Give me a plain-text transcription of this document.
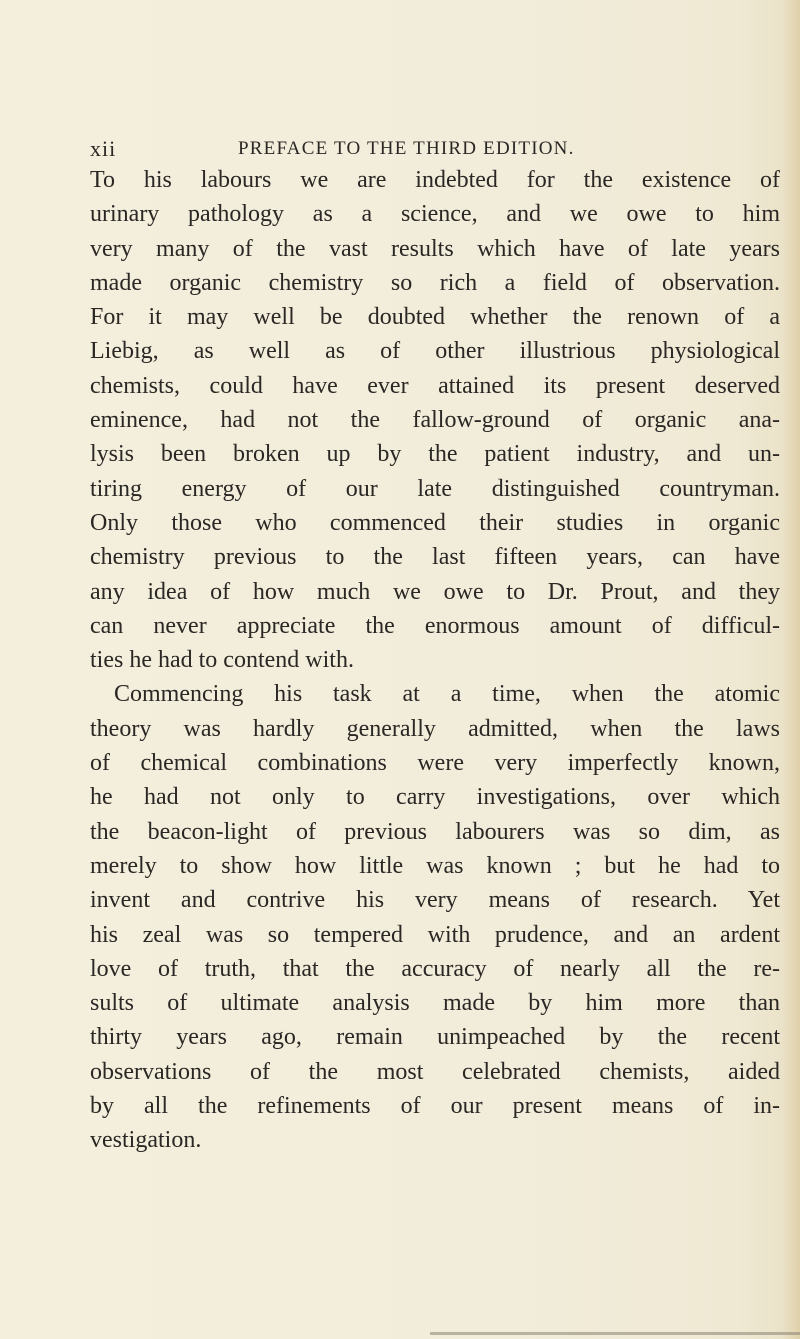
xii	PREFACE TO THE THIRD EDITION.
To his labours we are indebted for the existence of
urinary pathology as a science, and we owe to him
very many of the vast results which have of late years
made organic chemistry so rich a field of observation.
For it may well be doubted whether the renown of a
Liebig, as well as of other illustrious physiological
chemists, could have ever attained its present deserved
eminence, had not the fallow-ground of organic ana-
lysis been broken up by the patient industry, and un-
tiring energy of our late distinguished countryman.
Only those who commenced their studies in organic
chemistry previous to the last fifteen years, can have
any idea of how much we owe to Dr. Prout, and they
can never appreciate the enormous amount of difficul-
ties he had to contend with.
Commencing his task at a time, when the atomic
theory was hardly generally admitted, when the laws
of chemical combinations were very imperfectly known,
he had not only to carry investigations, over which
the beacon-light of previous labourers was so dim, as
merely to show how little was known ; but he had to
invent and contrive his very means of research. Yet
his zeal was so tempered with prudence, and an ardent
love of truth, that the accuracy of nearly all the re-
sults of ultimate analysis made by him more than
thirty years ago, remain unimpeached by the recent
observations of the most celebrated chemists, aided
by all the refinements of our present means of in-
vestigation.
